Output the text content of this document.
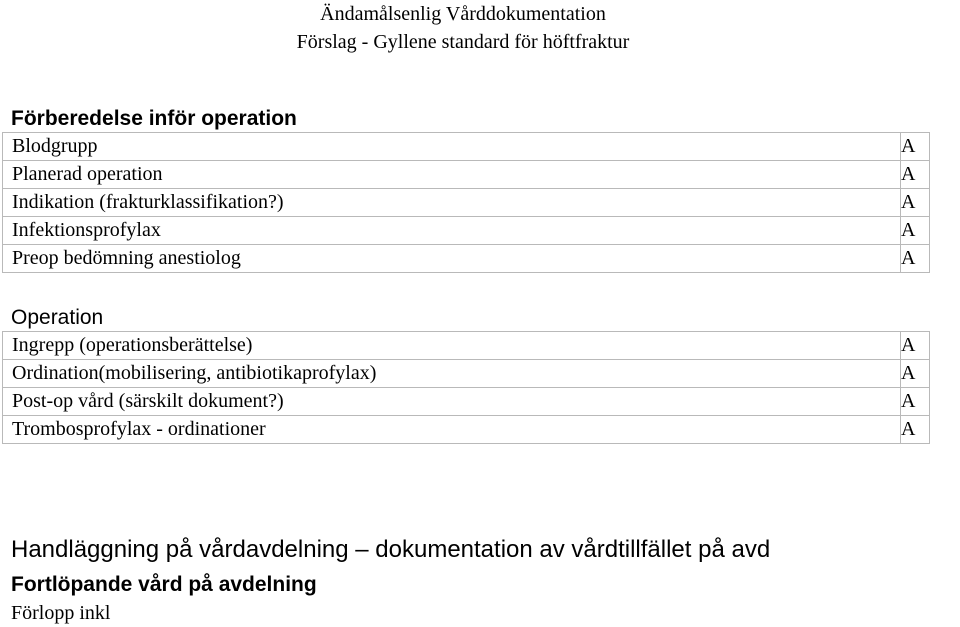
Ändamålsenlig Vårddokumentation
Förslag - Gyllene standard för höftfraktur
Förberedelse inför operation
Blodgrupp	A
Planerad operation	A
Indikation (frakturklassifikation?)	A
Infektionsprofylax	A
Preop bedömning anestiolog	A
Operation
Ingrepp (operationsberättelse)	A
Ordination(mobilisering, antibiotikaprofylax)	A
Post-op vård (särskilt dokument?)	A
Trombosprofylax - ordinationer	A
Handläggning på vårdavdelning – dokumentation av vårdtillfället på avd
Fortlöpande vård på avdelning
Förlopp inkl
